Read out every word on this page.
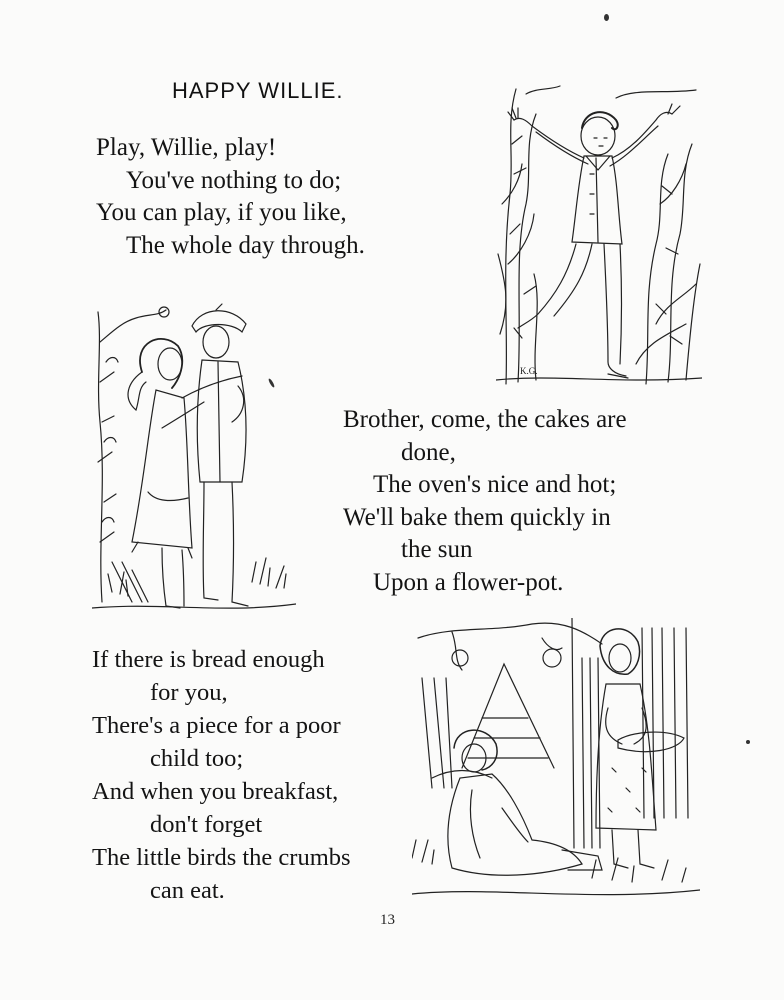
HAPPY WILLIE.
Play, Willie, play!
You've nothing to do;
You can play, if you like,
The whole day through.
Brother, come, the cakes are
done,
The oven's nice and hot;
We'll bake them quickly in
the sun
Upon a flower-pot.
If there is bread enough
for you,
There's a piece for a poor
child too;
And when you breakfast,
don't forget
The little birds the crumbs
can eat.
13
K.G.
